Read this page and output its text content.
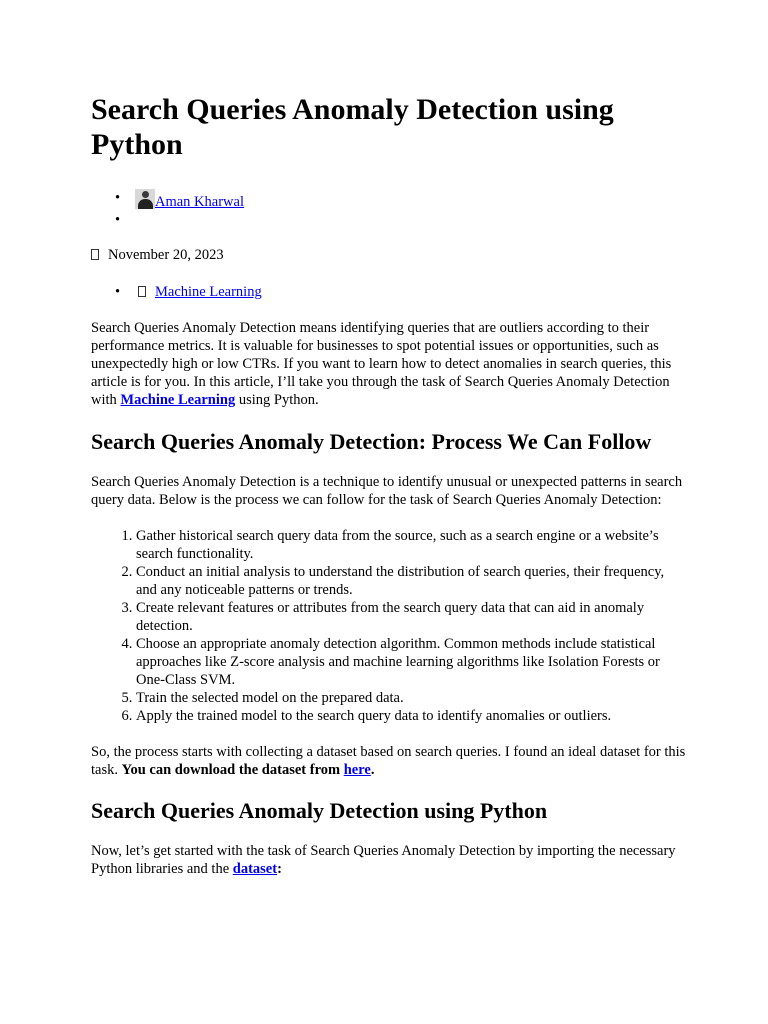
Search Queries Anomaly Detection using Python
• Aman Kharwal
•

November 20, 2023

• Machine Learning

Search Queries Anomaly Detection means identifying queries that are outliers according to their performance metrics. It is valuable for businesses to spot potential issues or opportunities, such as unexpectedly high or low CTRs. If you want to learn how to detect anomalies in search queries, this article is for you. In this article, I’ll take you through the task of Search Queries Anomaly Detection with Machine Learning using Python.

Search Queries Anomaly Detection: Process We Can Follow

Search Queries Anomaly Detection is a technique to identify unusual or unexpected patterns in search query data. Below is the process we can follow for the task of Search Queries Anomaly Detection:

1. Gather historical search query data from the source, such as a search engine or a website’s search functionality.
2. Conduct an initial analysis to understand the distribution of search queries, their frequency, and any noticeable patterns or trends.
3. Create relevant features or attributes from the search query data that can aid in anomaly detection.
4. Choose an appropriate anomaly detection algorithm. Common methods include statistical approaches like Z-score analysis and machine learning algorithms like Isolation Forests or One-Class SVM.
5. Train the selected model on the prepared data.
6. Apply the trained model to the search query data to identify anomalies or outliers.

So, the process starts with collecting a dataset based on search queries. I found an ideal dataset for this task. You can download the dataset from here.

Search Queries Anomaly Detection using Python

Now, let’s get started with the task of Search Queries Anomaly Detection by importing the necessary Python libraries and the dataset:
